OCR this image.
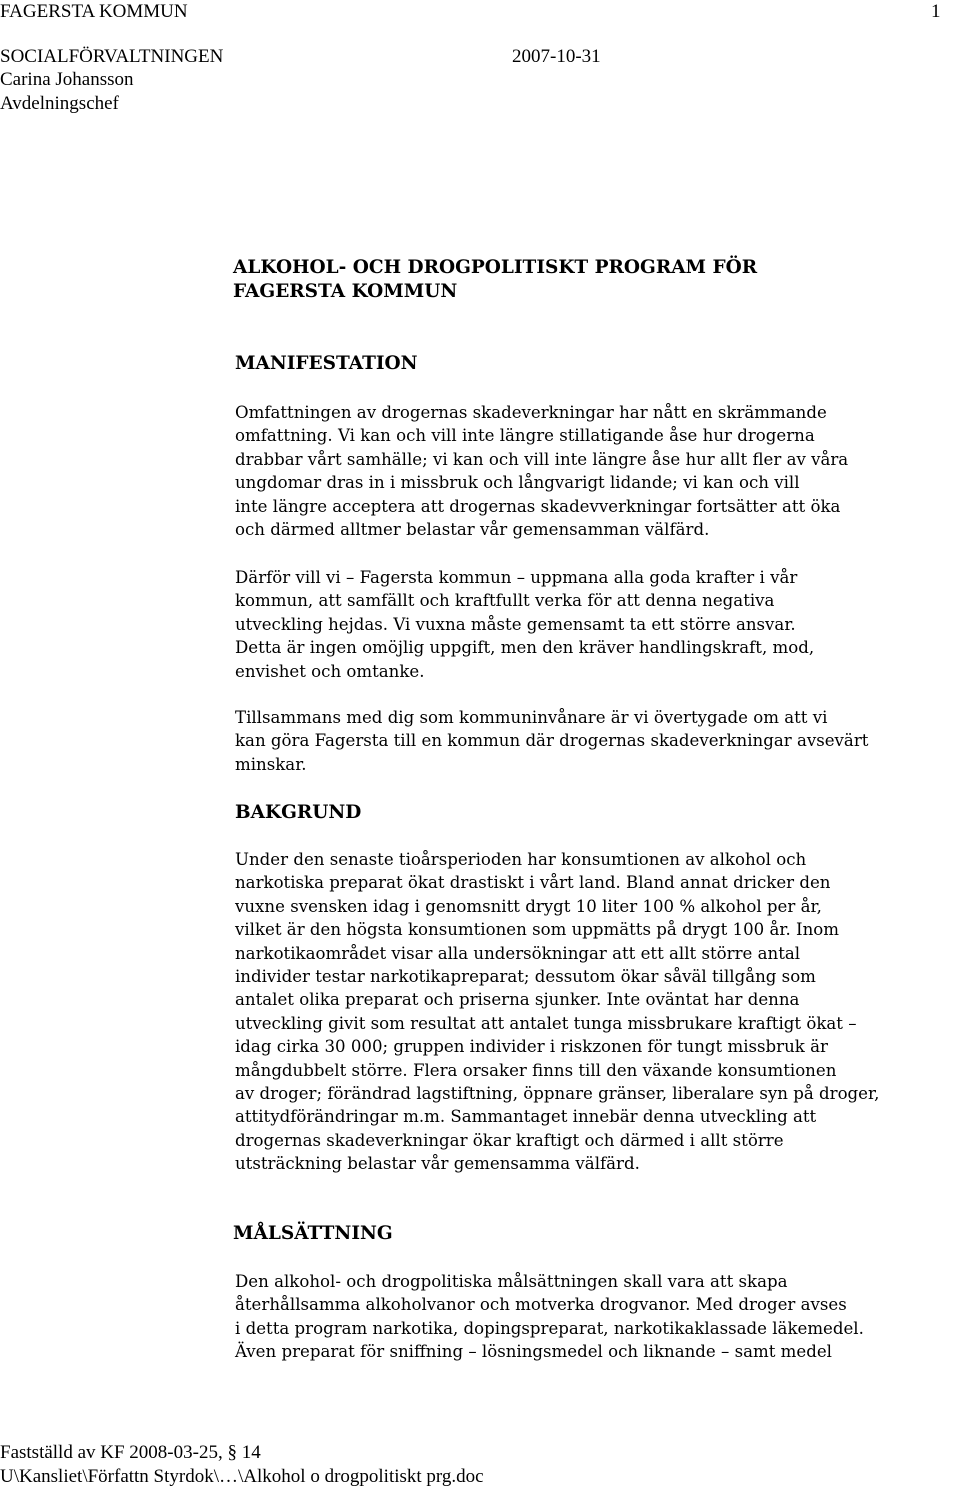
FAGERSTA KOMMUN	1
SOCIALFÖRVALTNINGEN	2007-10-31
Carina Johansson
Avdelningschef
ALKOHOL- OCH DROGPOLITISKT PROGRAM FÖR
FAGERSTA KOMMUN
MANIFESTATION
Omfattningen av drogernas skadeverkningar har nått en skrämmande
omfattning. Vi kan och vill inte längre stillatigande åse hur drogerna
drabbar vårt samhälle; vi kan och vill inte längre åse hur allt fler av våra
ungdomar dras in i missbruk och långvarigt lidande; vi kan och vill
inte längre acceptera att drogernas skadevverkningar fortsätter att öka
och därmed alltmer belastar vår gemensamman välfärd.
Därför vill vi – Fagersta kommun – uppmana alla goda krafter i vår
kommun, att samfällt och kraftfullt verka för att denna negativa
utveckling hejdas. Vi vuxna måste gemensamt ta ett större ansvar.
Detta är ingen omöjlig uppgift, men den kräver handlingskraft, mod,
envishet och omtanke.
Tillsammans med dig som kommuninvånare är vi övertygade om att vi
kan göra Fagersta till en kommun där drogernas skadeverkningar avsevärt
minskar.
BAKGRUND
Under den senaste tioårsperioden har konsumtionen av alkohol och
narkotiska preparat ökat drastiskt i vårt land. Bland annat dricker den
vuxne svensken idag i genomsnitt drygt 10 liter 100 % alkohol per år,
vilket är den högsta konsumtionen som uppmätts på drygt 100 år. Inom
narkotikaområdet visar alla undersökningar att ett allt större antal
individer testar narkotikapreparat; dessutom ökar såväl tillgång som
antalet olika preparat och priserna sjunker. Inte oväntat har denna
utveckling givit som resultat att antalet tunga missbrukare kraftigt ökat –
idag cirka 30 000; gruppen individer i riskzonen för tungt missbruk är
mångdubbelt större. Flera orsaker finns till den växande konsumtionen
av droger; förändrad lagstiftning, öppnare gränser, liberalare syn på droger,
attitydförändringar m.m. Sammantaget innebär denna utveckling att
drogernas skadeverkningar ökar kraftigt och därmed i allt större
utsträckning belastar vår gemensamma välfärd.
MÅLSÄTTNING
Den alkohol- och drogpolitiska målsättningen skall vara att skapa
återhållsamma alkoholvanor och motverka drogvanor. Med droger avses
i detta program narkotika, dopingspreparat, narkotikaklassade läkemedel.
Även preparat för sniffning – lösningsmedel och liknande – samt medel
Fastställd av KF 2008-03-25, § 14
U\Kansliet\Författn Styrdok\…\Alkohol o drogpolitiskt prg.doc
